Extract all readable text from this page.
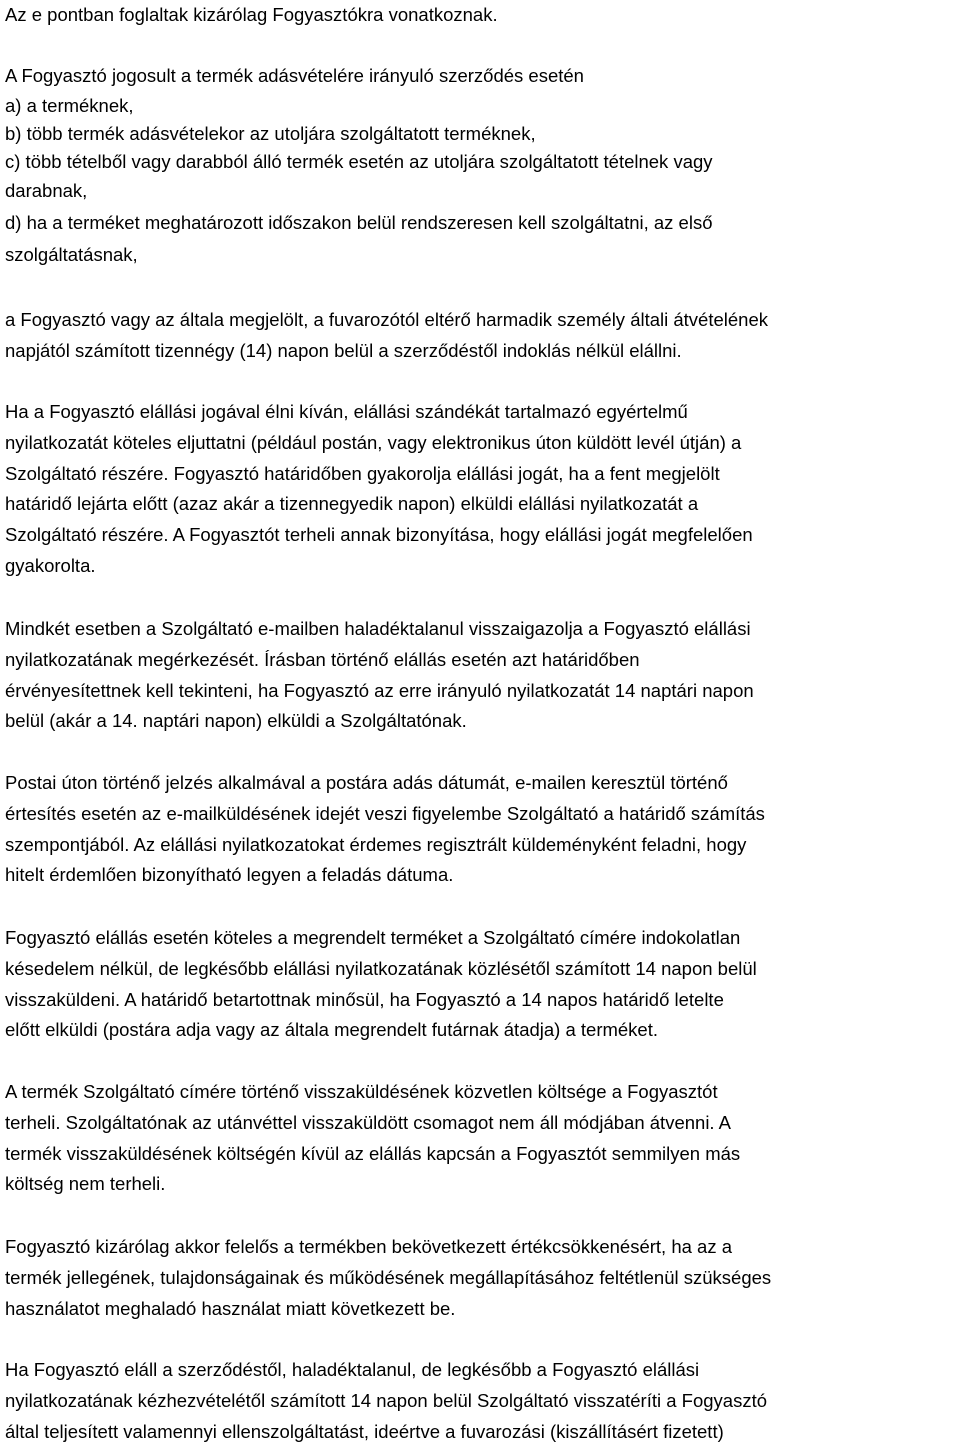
Az e pontban foglaltak kizárólag Fogyasztókra vonatkoznak.
A Fogyasztó jogosult a termék adásvételére irányuló szerződés esetén
a) a terméknek,
b) több termék adásvételekor az utoljára szolgáltatott terméknek,
c) több tételből vagy darabból álló termék esetén az utoljára szolgáltatott tételnek vagy
darabnak,
d) ha a terméket meghatározott időszakon belül rendszeresen kell szolgáltatni, az első
szolgáltatásnak,
a Fogyasztó vagy az általa megjelölt, a fuvarozótól eltérő harmadik személy általi átvételének
napjától számított tizennégy (14) napon belül a szerződéstől indoklás nélkül elállni.
Ha a Fogyasztó elállási jogával élni kíván, elállási szándékát tartalmazó egyértelmű
nyilatkozatát köteles eljuttatni (például postán, vagy elektronikus úton küldött levél útján) a
Szolgáltató részére. Fogyasztó határidőben gyakorolja elállási jogát, ha a fent megjelölt
határidő lejárta előtt (azaz akár a tizennegyedik napon) elküldi elállási nyilatkozatát a
Szolgáltató részére. A Fogyasztót terheli annak bizonyítása, hogy elállási jogát megfelelően
gyakorolta.
Mindkét esetben a Szolgáltató e-mailben haladéktalanul visszaigazolja a Fogyasztó elállási
nyilatkozatának megérkezését. Írásban történő elállás esetén azt határidőben
érvényesítettnek kell tekinteni, ha Fogyasztó az erre irányuló nyilatkozatát 14 naptári napon
belül (akár a 14. naptári napon) elküldi a Szolgáltatónak.
Postai úton történő jelzés alkalmával a postára adás dátumát, e-mailen keresztül történő
értesítés esetén az e-mailküldésének idejét veszi figyelembe Szolgáltató a határidő számítás
szempontjából. Az elállási nyilatkozatokat érdemes regisztrált küldeményként feladni, hogy
hitelt érdemlően bizonyítható legyen a feladás dátuma.
Fogyasztó elállás esetén köteles a megrendelt terméket a Szolgáltató címére indokolatlan
késedelem nélkül, de legkésőbb elállási nyilatkozatának közlésétől számított 14 napon belül
visszaküldeni. A határidő betartottnak minősül, ha Fogyasztó a 14 napos határidő letelte
előtt elküldi (postára adja vagy az általa megrendelt futárnak átadja) a terméket.
A termék Szolgáltató címére történő visszaküldésének közvetlen költsége a Fogyasztót
terheli. Szolgáltatónak az utánvéttel visszaküldött csomagot nem áll módjában átvenni. A
termék visszaküldésének költségén kívül az elállás kapcsán a Fogyasztót semmilyen más
költség nem terheli.
Fogyasztó kizárólag akkor felelős a termékben bekövetkezett értékcsökkenésért, ha az a
termék jellegének, tulajdonságainak és működésének megállapításához feltétlenül szükséges
használatot meghaladó használat miatt következett be.
Ha Fogyasztó eláll a szerződéstől, haladéktalanul, de legkésőbb a Fogyasztó elállási
nyilatkozatának kézhezvételétől számított 14 napon belül Szolgáltató visszatéríti a Fogyasztó
által teljesített valamennyi ellenszolgáltatást, ideértve a fuvarozási (kiszállításért fizetett)
